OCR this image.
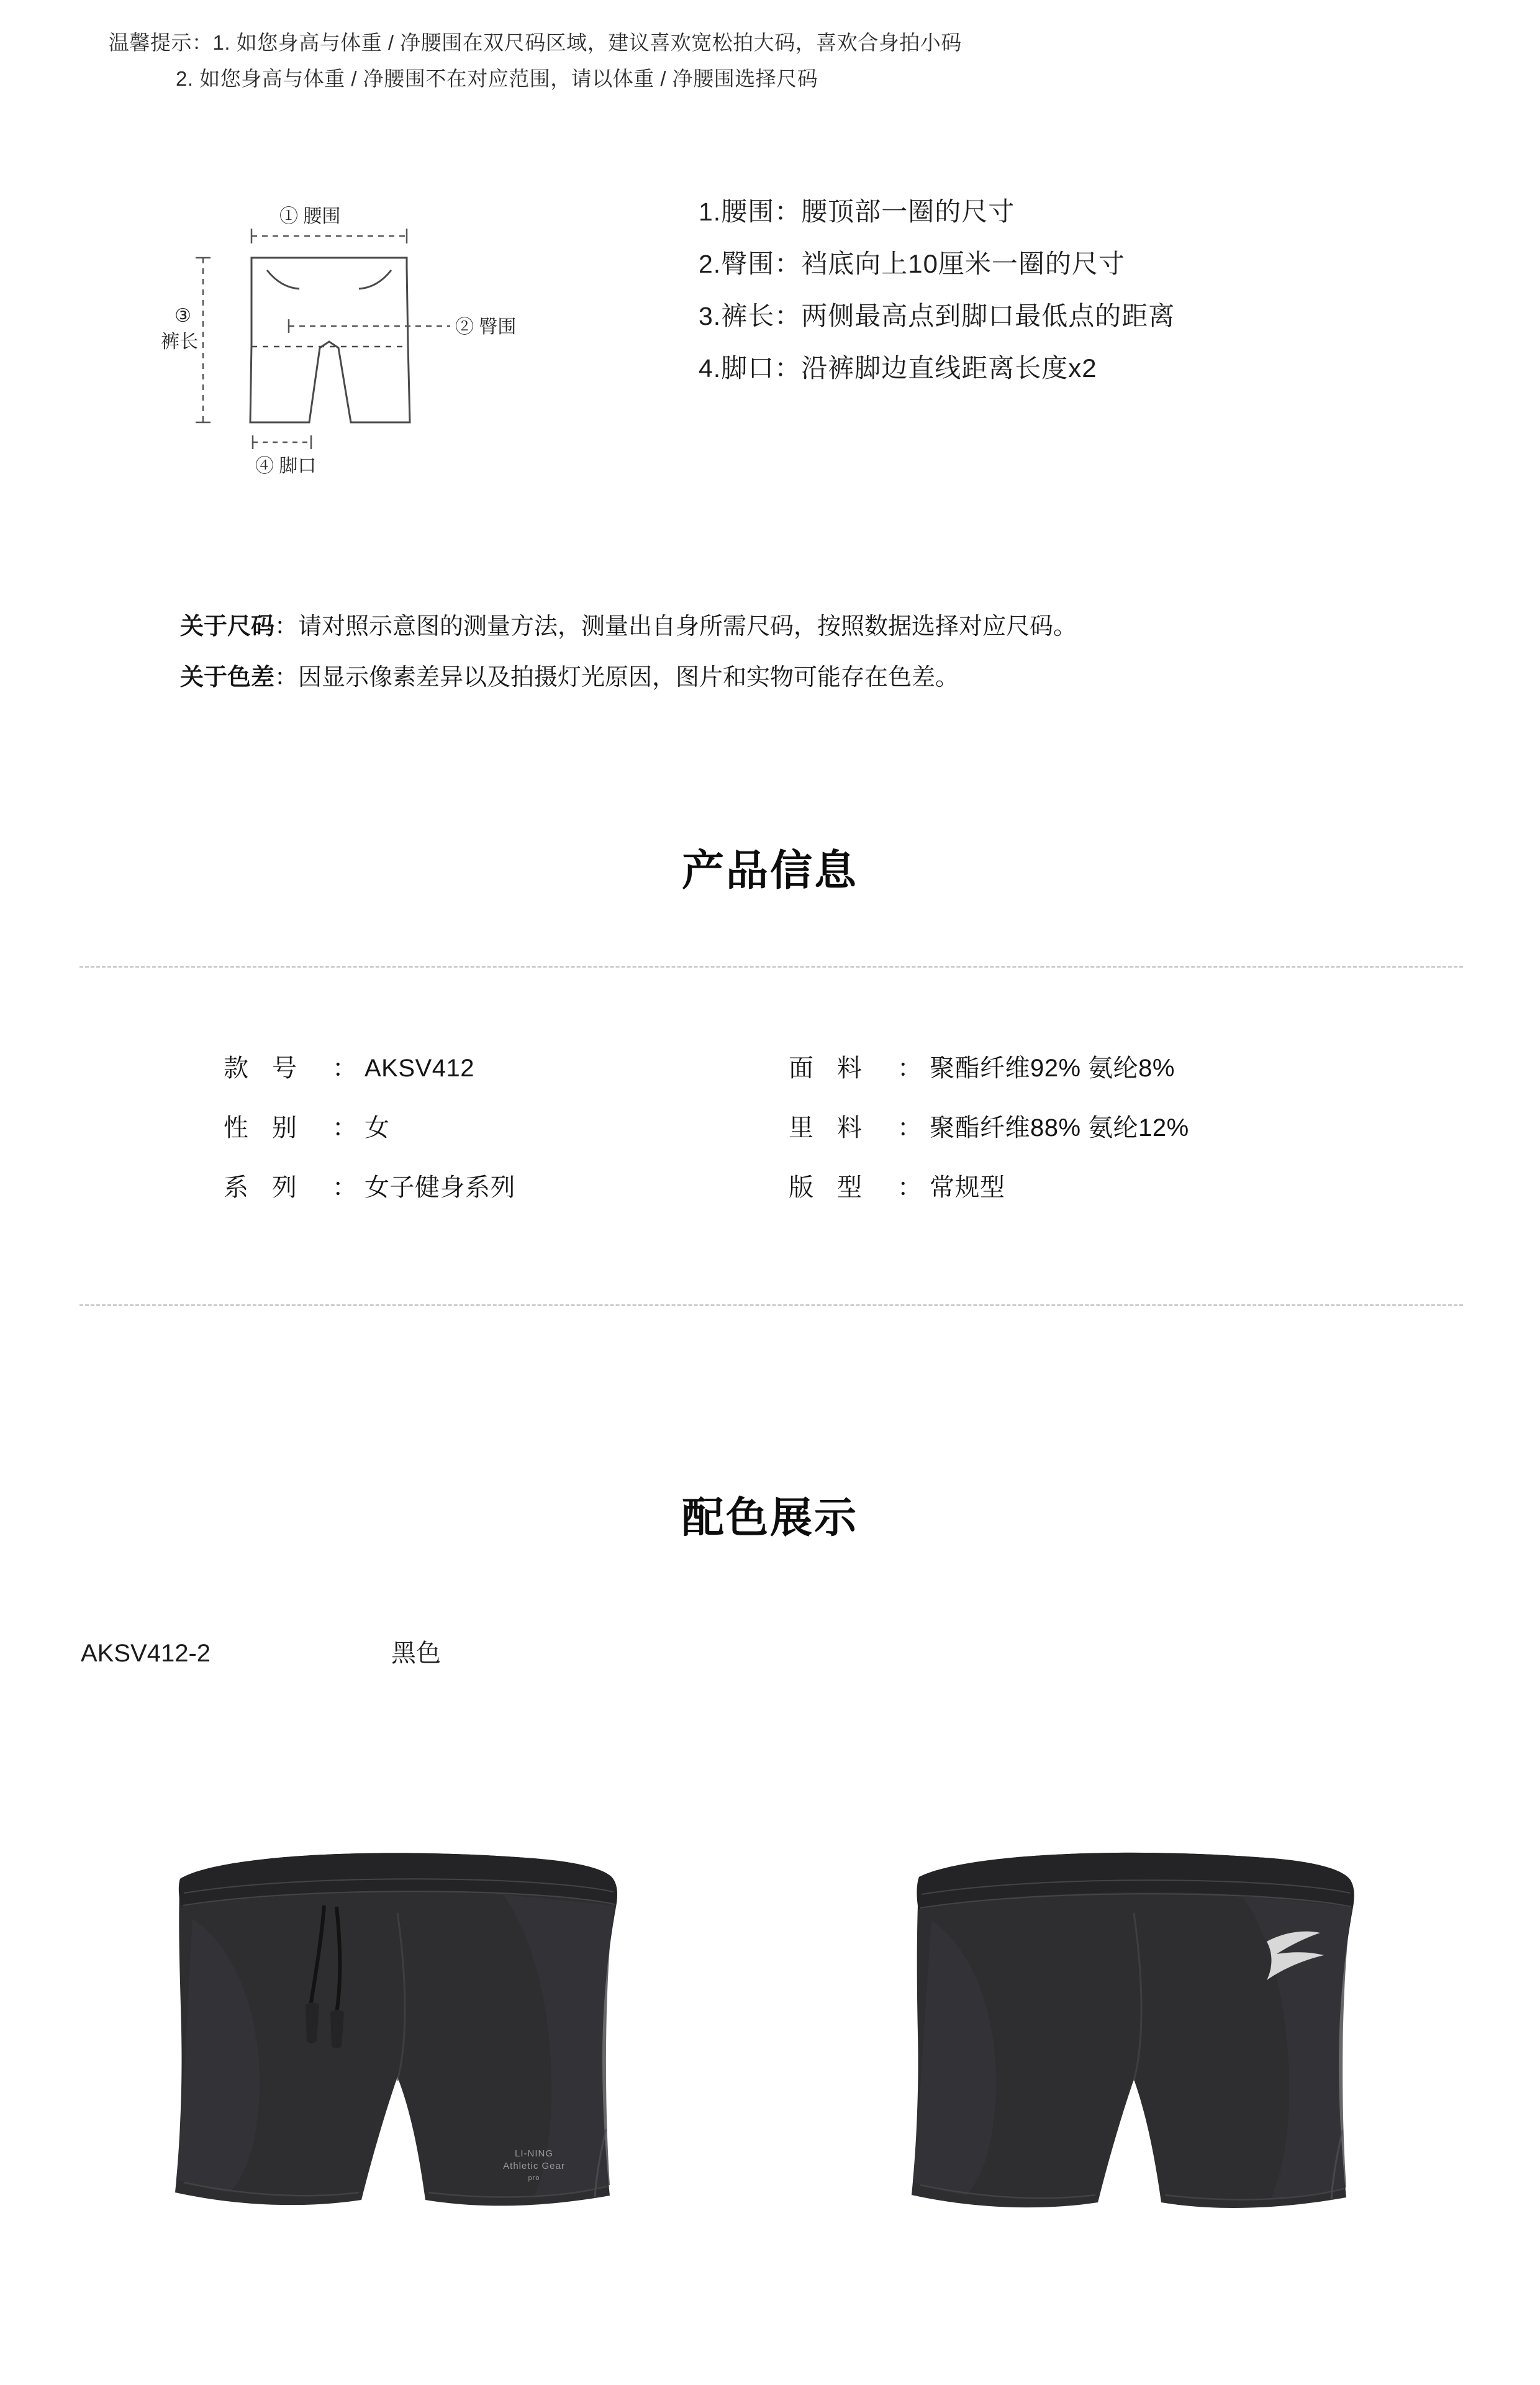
温馨提示：1. 如您身高与体重 / 净腰围在双尺码区域，建议喜欢宽松拍大码，喜欢合身拍小码
2. 如您身高与体重 / 净腰围不在对应范围，请以体重 / 净腰围选择尺码
① 腰围
② 臀围
③
裤长
④ 脚口
1.腰围：腰顶部一圈的尺寸
2.臀围：裆底向上10厘米一圈的尺寸
3.裤长：两侧最高点到脚口最低点的距离
4.脚口：沿裤脚边直线距离长度x2
关于尺码：请对照示意图的测量方法，测量出自身所需尺码，按照数据选择对应尺码。
关于色差：因显示像素差异以及拍摄灯光原因，图片和实物可能存在色差。
产品信息
款号 ： AKSV412
性别 ： 女
系列 ： 女子健身系列
面料 ： 聚酯纤维92% 氨纶8%
里料 ： 聚酯纤维88% 氨纶12%
版型 ： 常规型
配色展示
AKSV412-2	黑色
LI-NING
Athletic Gear
pro
